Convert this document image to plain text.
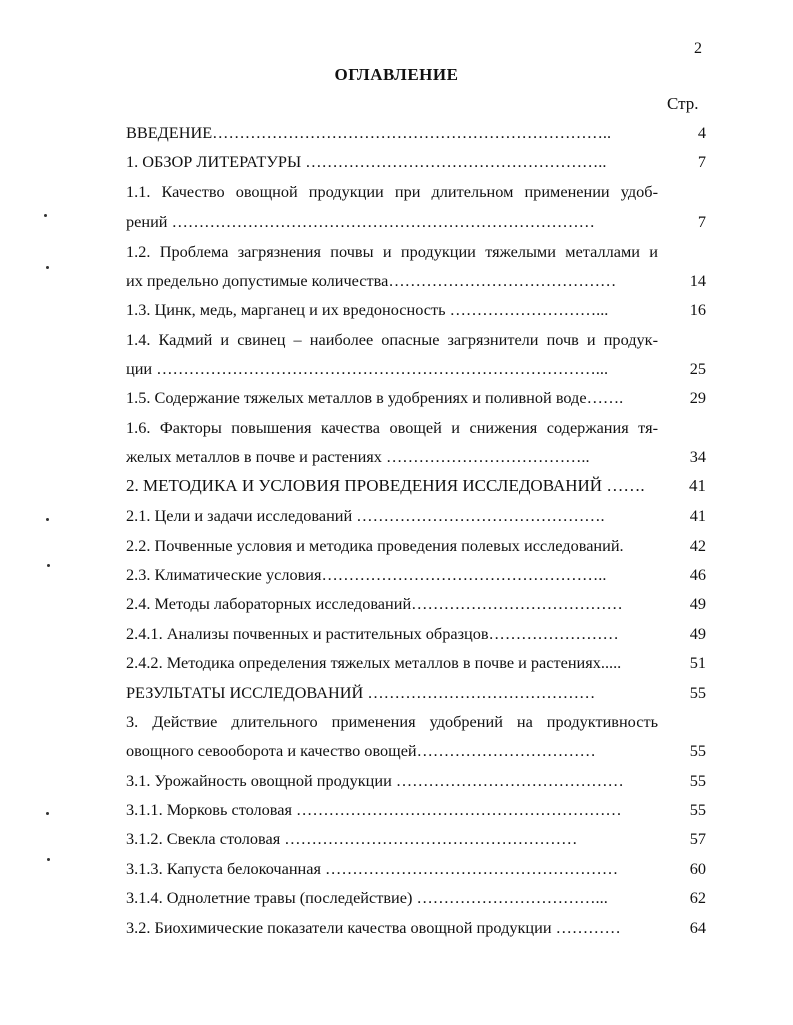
2
ОГЛАВЛЕНИЕ
Стр.
ВВЕДЕНИЕ………………………………………………………………..	4
1. ОБЗОР ЛИТЕРАТУРЫ ………………………………………………..	7
1.1. Качество овощной продукции при длительном применении удоб-
рений ……………………………………………………………………	7
1.2. Проблема загрязнения почвы и продукции тяжелыми металлами и
их предельно допустимые количества……………………………………	14
1.3. Цинк, медь, марганец и их вредоносность ………………………...	16
1.4. Кадмий и свинец – наиболее опасные загрязнители почв и продук-
ции ………………………………………………………………………...	25
1.5. Содержание тяжелых металлов в удобрениях и поливной воде…….	29
1.6. Факторы повышения качества овощей и снижения содержания тя-
желых металлов в почве и растениях ………………………………..	34
2. МЕТОДИКА И УСЛОВИЯ ПРОВЕДЕНИЯ ИССЛЕДОВАНИЙ …….	41
2.1. Цели и задачи исследований ……………………………………….	41
2.2. Почвенные условия и методика проведения полевых исследований.	42
2.3. Климатические условия……………………………………………..	46
2.4. Методы лабораторных исследований…………………………………	49
2.4.1. Анализы почвенных и растительных образцов……………………	49
2.4.2. Методика определения тяжелых металлов в почве и растениях.....	51
РЕЗУЛЬТАТЫ ИССЛЕДОВАНИЙ ……………………………………	55
3. Действие длительного применения удобрений на продуктивность
овощного севооборота и качество овощей……………………………	55
3.1. Урожайность овощной продукции ……………………………………	55
3.1.1. Морковь столовая ……………………………………………………	55
3.1.2. Свекла столовая ………………………………………………	57
3.1.3. Капуста белокочанная ………………………………………………	60
3.1.4. Однолетние травы (последействие) ……………………………...	62
3.2. Биохимические показатели качества овощной продукции …………	64
